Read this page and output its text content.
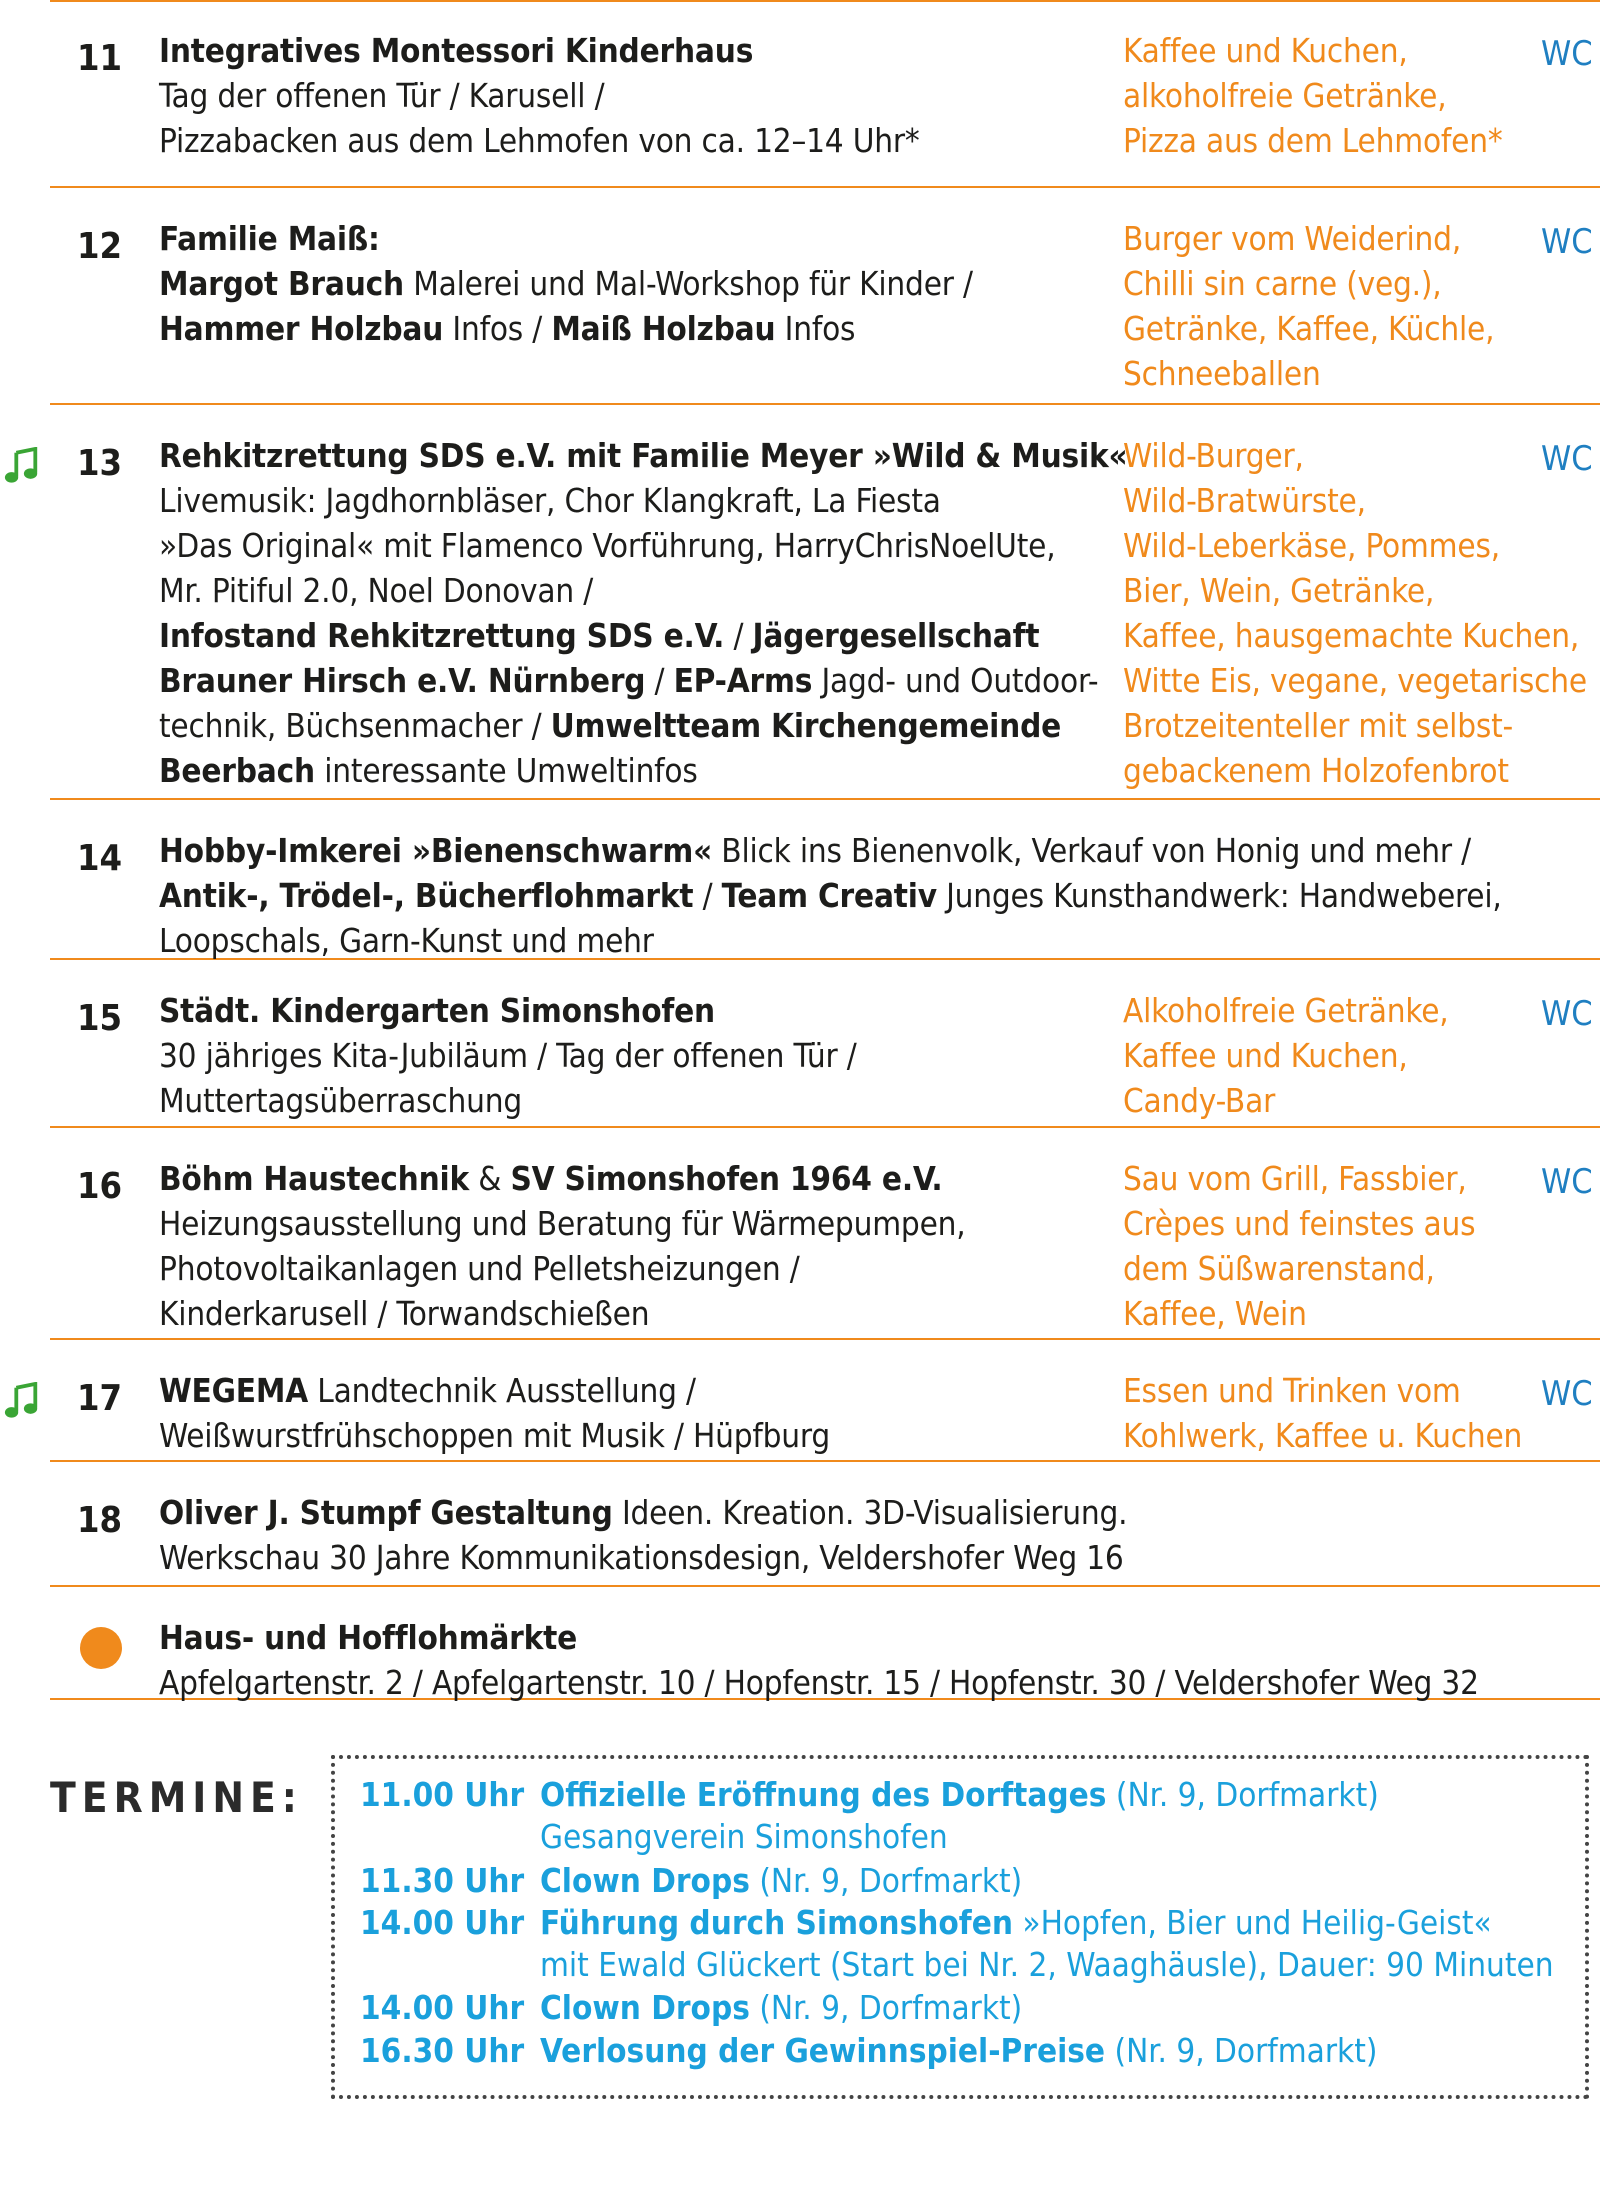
11 Integratives Montessori Kinderhaus
Tag der offenen Tür / Karusell /
Pizzabacken aus dem Lehmofen von ca. 12–14 Uhr*
Kaffee und Kuchen,
alkoholfreie Getränke,
Pizza aus dem Lehmofen*
WC
12 Familie Maiß:
Margot Brauch Malerei und Mal-Workshop für Kinder /
Hammer Holzbau Infos / Maiß Holzbau Infos
Burger vom Weiderind,
Chilli sin carne (veg.),
Getränke, Kaffee, Küchle,
Schneeballen
WC
13 Rehkitzrettung SDS e.V. mit Familie Meyer »Wild & Musik«
Livemusik: Jagdhornbläser, Chor Klangkraft, La Fiesta
»Das Original« mit Flamenco Vorführung, HarryChrisNoelUte,
Mr. Pitiful 2.0, Noel Donovan /
Infostand Rehkitzrettung SDS e.V. / Jägergesellschaft
Brauner Hirsch e.V. Nürnberg / EP-Arms Jagd- und Outdoor-
technik, Büchsenmacher / Umweltteam Kirchengemeinde
Beerbach interessante Umweltinfos
Wild-Burger,
Wild-Bratwürste,
Wild-Leberkäse, Pommes,
Bier, Wein, Getränke,
Kaffee, hausgemachte Kuchen,
Witte Eis, vegane, vegetarische
Brotzeitenteller mit selbst-
gebackenem Holzofenbrot
WC
14 Hobby-Imkerei »Bienenschwarm« Blick ins Bienenvolk, Verkauf von Honig und mehr /
Antik-, Trödel-, Bücherflohmarkt / Team Creativ Junges Kunsthandwerk: Handweberei,
Loopschals, Garn-Kunst und mehr
15 Städt. Kindergarten Simonshofen
30 jähriges Kita-Jubiläum / Tag der offenen Tür /
Muttertagsüberraschung
Alkoholfreie Getränke,
Kaffee und Kuchen,
Candy-Bar
WC
16 Böhm Haustechnik & SV Simonshofen 1964 e.V.
Heizungsausstellung und Beratung für Wärmepumpen,
Photovoltaikanlagen und Pelletsheizungen /
Kinderkarusell / Torwandschießen
Sau vom Grill, Fassbier,
Crèpes und feinstes aus
dem Süßwarenstand,
Kaffee, Wein
WC
17 WEGEMA Landtechnik Ausstellung /
Weißwurstfrühschoppen mit Musik / Hüpfburg
Essen und Trinken vom
Kohlwerk, Kaffee u. Kuchen
WC
18 Oliver J. Stumpf Gestaltung Ideen. Kreation. 3D-Visualisierung.
Werkschau 30 Jahre Kommunikationsdesign, Veldershofer Weg 16
Haus- und Hofflohmärkte
Apfelgartenstr. 2 / Apfelgartenstr. 10 / Hopfenstr. 15 / Hopfenstr. 30 / Veldershofer Weg 32
TERMINE: 11.00 Uhr Offizielle Eröffnung des Dorftages (Nr. 9, Dorfmarkt)
Gesangverein Simonshofen
11.30 Uhr Clown Drops (Nr. 9, Dorfmarkt)
14.00 Uhr Führung durch Simonshofen »Hopfen, Bier und Heilig-Geist«
mit Ewald Glückert (Start bei Nr. 2, Waaghäusle), Dauer: 90 Minuten
14.00 Uhr Clown Drops (Nr. 9, Dorfmarkt)
16.30 Uhr Verlosung der Gewinnspiel-Preise (Nr. 9, Dorfmarkt)
